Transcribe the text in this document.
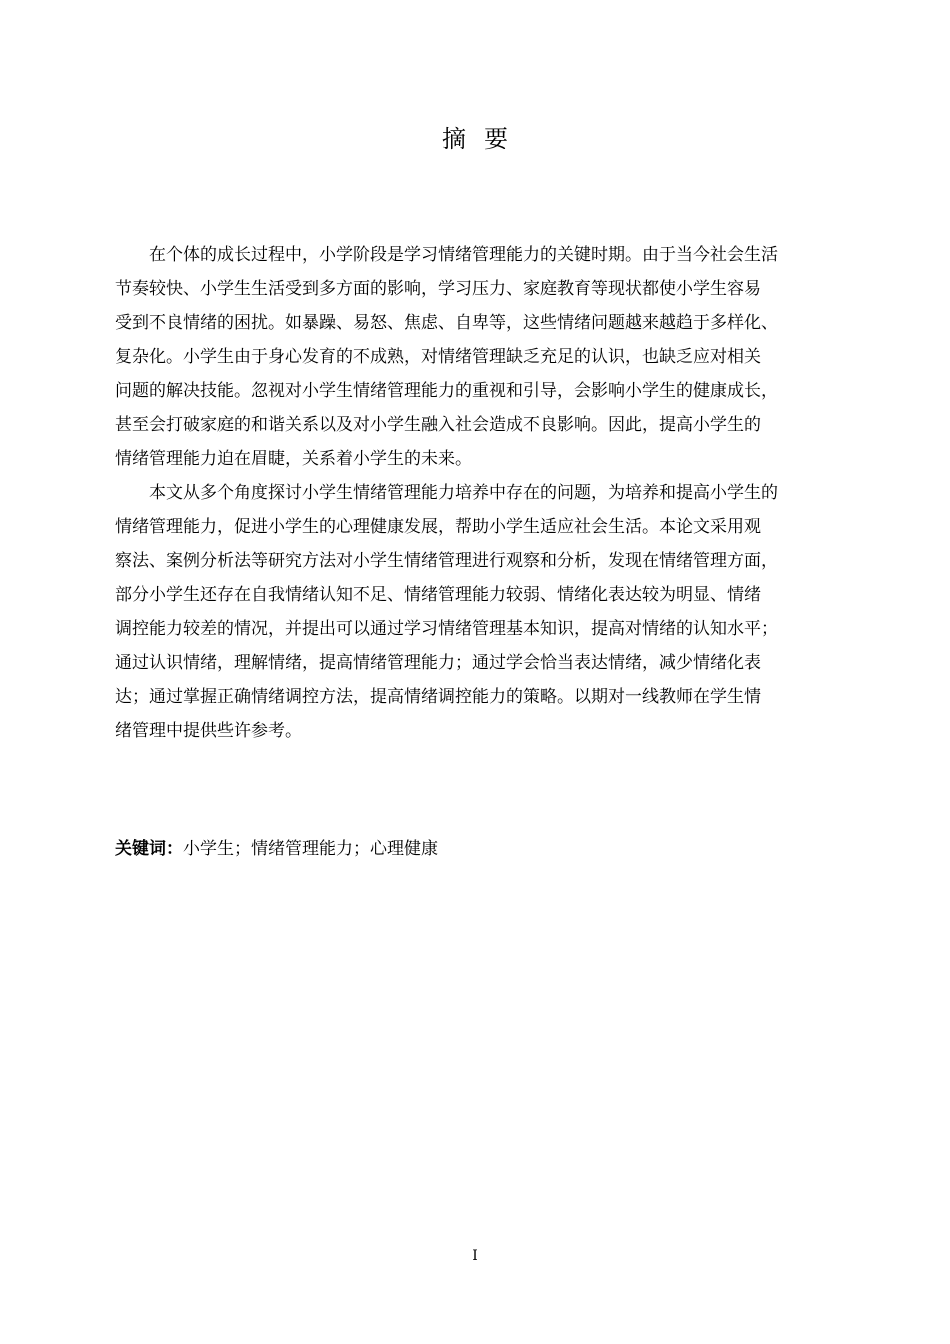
摘要

在个体的成长过程中，小学阶段是学习情绪管理能力的关键时期。由于当今社会生活
节奏较快、小学生生活受到多方面的影响，学习压力、家庭教育等现状都使小学生容易
受到不良情绪的困扰。如暴躁、易怒、焦虑、自卑等，这些情绪问题越来越趋于多样化、
复杂化。小学生由于身心发育的不成熟，对情绪管理缺乏充足的认识，也缺乏应对相关
问题的解决技能。忽视对小学生情绪管理能力的重视和引导，会影响小学生的健康成长，
甚至会打破家庭的和谐关系以及对小学生融入社会造成不良影响。因此，提高小学生的
情绪管理能力迫在眉睫，关系着小学生的未来。

本文从多个角度探讨小学生情绪管理能力培养中存在的问题，为培养和提高小学生的
情绪管理能力，促进小学生的心理健康发展，帮助小学生适应社会生活。本论文采用观
察法、案例分析法等研究方法对小学生情绪管理进行观察和分析，发现在情绪管理方面，
部分小学生还存在自我情绪认知不足、情绪管理能力较弱、情绪化表达较为明显、情绪
调控能力较差的情况，并提出可以通过学习情绪管理基本知识，提高对情绪的认知水平；
通过认识情绪，理解情绪，提高情绪管理能力；通过学会恰当表达情绪，减少情绪化表
达；通过掌握正确情绪调控方法，提高情绪调控能力的策略。以期对一线教师在学生情
绪管理中提供些许参考。

关键词：小学生；情绪管理能力；心理健康
I
